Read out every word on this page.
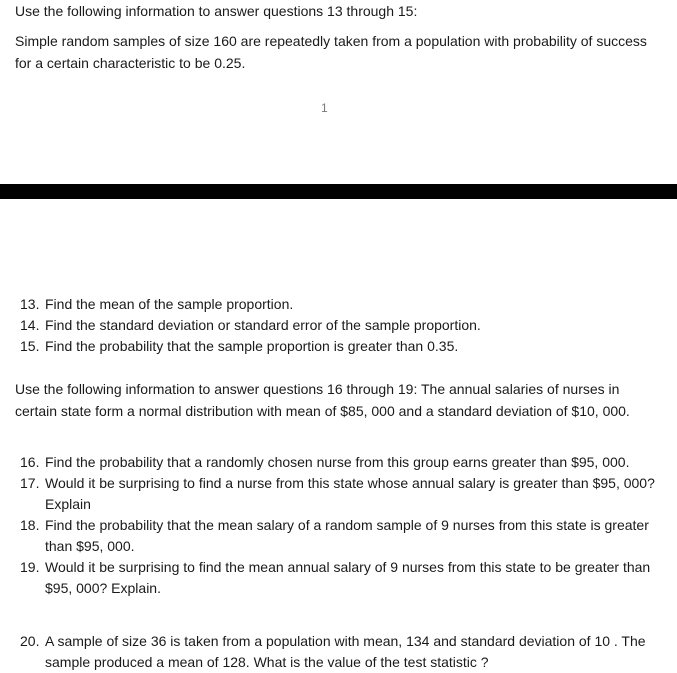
Use the following information to answer questions 13 through 15:

Simple random samples of size 160 are repeatedly taken from a population with probability of success for a certain characteristic to be 0.25.

1
13. Find the mean of the sample proportion.
14. Find the standard deviation or standard error of the sample proportion.
15. Find the probability that the sample proportion is greater than 0.35.

Use the following information to answer questions 16 through 19: The annual salaries of nurses in certain state form a normal distribution with mean of $85, 000 and a standard deviation of $10, 000.

16. Find the probability that a randomly chosen nurse from this group earns greater than $95, 000.
17. Would it be surprising to find a nurse from this state whose annual salary is greater than $95, 000? Explain
18. Find the probability that the mean salary of a random sample of 9 nurses from this state is greater than $95, 000.
19. Would it be surprising to find the mean annual salary of 9 nurses from this state to be greater than $95, 000? Explain.
20. A sample of size 36 is taken from a population with mean, 134 and standard deviation of 10 . The sample produced a mean of 128. What is the value of the test statistic ?
